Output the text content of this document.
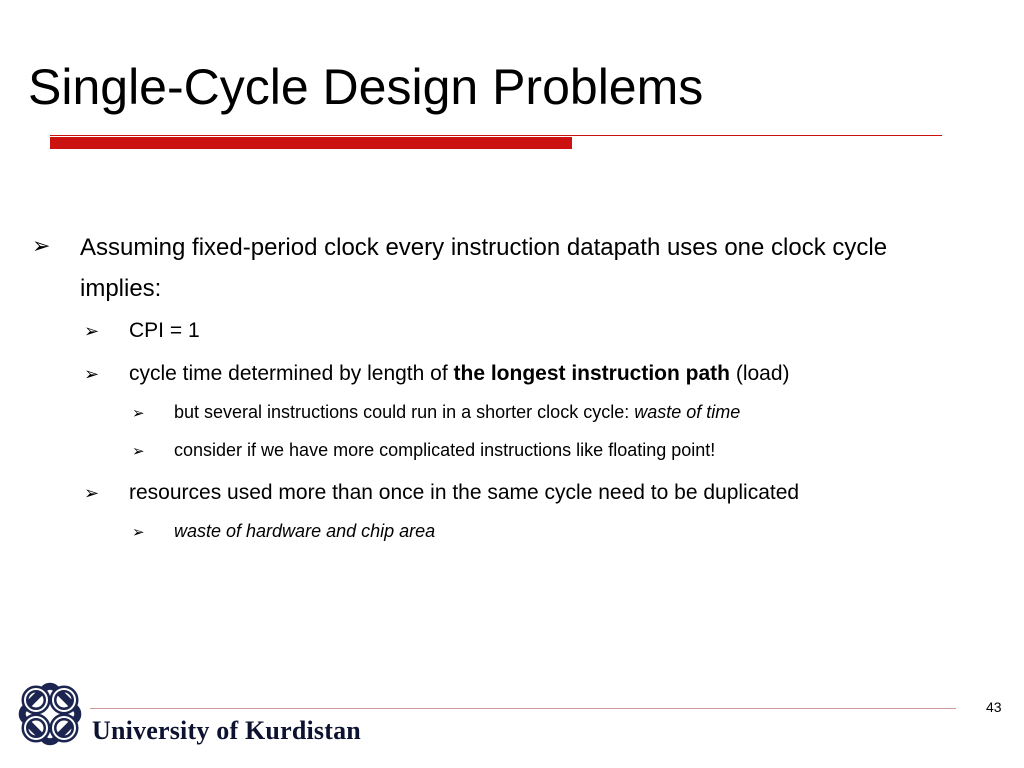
Single-Cycle Design Problems
➢ Assuming fixed-period clock every instruction datapath uses one clock cycle implies:
➢ CPI = 1
➢ cycle time determined by length of the longest instruction path (load)
➢ but several instructions could run in a shorter clock cycle: waste of time
➢ consider if we have more complicated instructions like floating point!
➢ resources used more than once in the same cycle need to be duplicated
➢ waste of hardware and chip area
University of Kurdistan
43
